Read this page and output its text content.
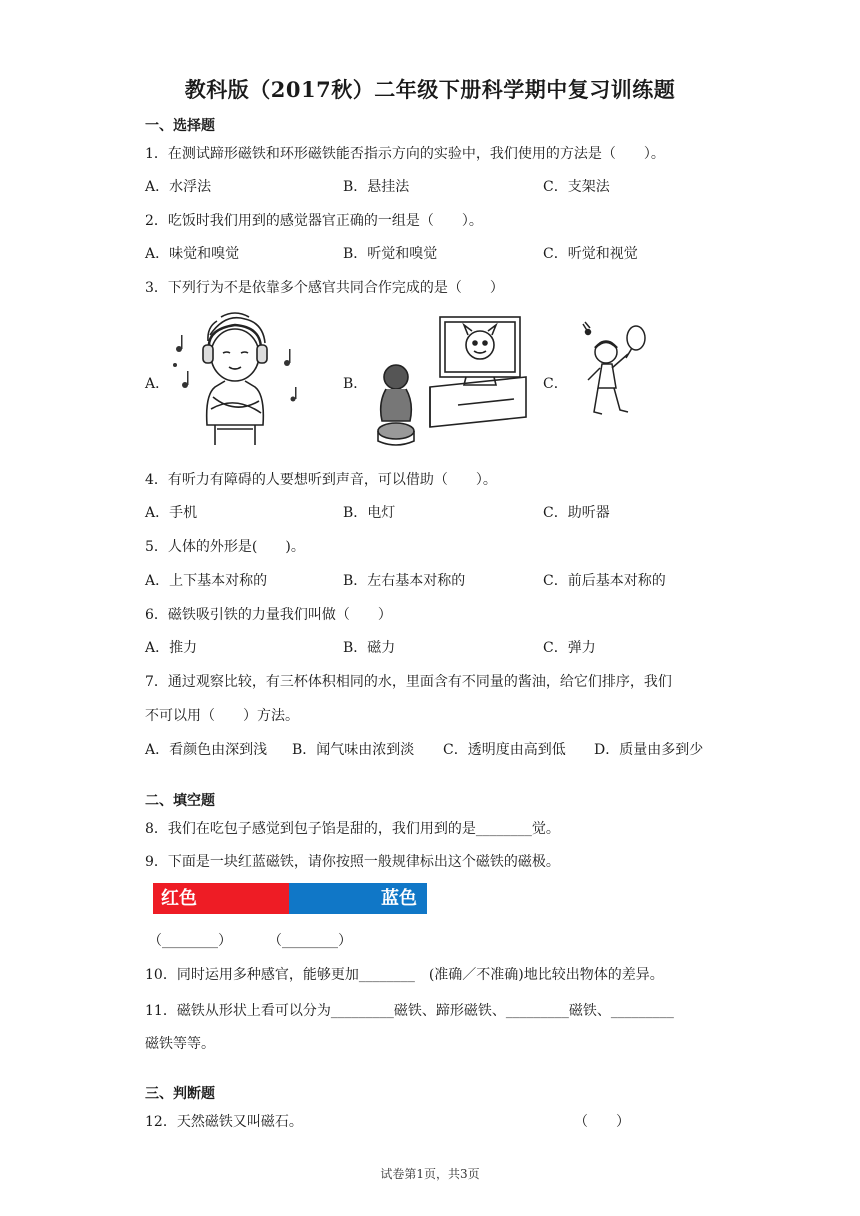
教科版（2017秋）二年级下册科学期中复习训练题
一、选择题
1．在测试蹄形磁铁和环形磁铁能否指示方向的实验中，我们使用的方法是（　　）。
A．水浮法	B．悬挂法	C．支架法
2．吃饭时我们用到的感觉器官正确的一组是（　　）。
A．味觉和嗅觉	B．听觉和嗅觉	C．听觉和视觉
3．下列行为不是依靠多个感官共同合作完成的是（　　）
A．	B．	C．
4．有听力有障碍的人要想听到声音，可以借助（　　）。
A．手机	B．电灯	C．助听器
5．人体的外形是(　　)。
A．上下基本对称的	B．左右基本对称的	C．前后基本对称的
6．磁铁吸引铁的力量我们叫做（　　）
A．推力	B．磁力	C．弹力
7．通过观察比较，有三杯体积相同的水，里面含有不同量的酱油，给它们排序，我们
不可以用（　　）方法。
A．看颜色由深到浅 B．闻气味由浓到淡 C．透明度由高到低 D．质量由多到少
二、填空题
8．我们在吃包子感觉到包子馅是甜的，我们用到的是________觉。
9．下面是一块红蓝磁铁，请你按照一般规律标出这个磁铁的磁极。
红色	蓝色
（________）	（________）
10．同时运用多种感官，能够更加________　(准确／不准确)地比较出物体的差异。
11．磁铁从形状上看可以分为_________磁铁、蹄形磁铁、_________磁铁、_________
磁铁等等。
三、判断题
12．天然磁铁又叫磁石。	（　　）
试卷第1页，共3页
